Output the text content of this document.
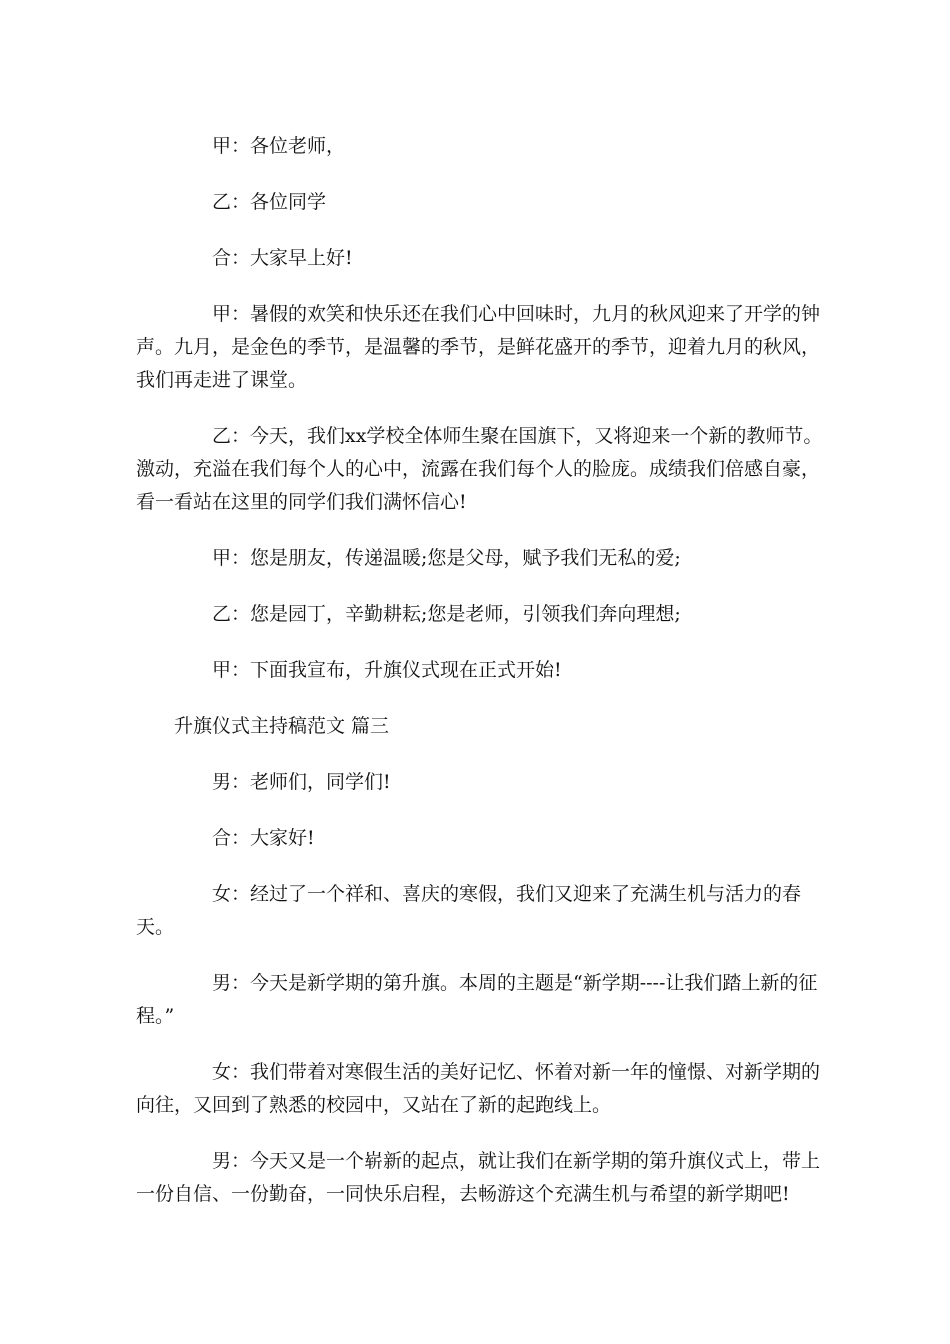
甲：各位老师，

乙：各位同学

合：大家早上好!

甲：暑假的欢笑和快乐还在我们心中回味时，九月的秋风迎来了开学的钟声。九月，是金色的季节，是温馨的季节，是鲜花盛开的季节，迎着九月的秋风，我们再走进了课堂。

乙：今天，我们xx学校全体师生聚在国旗下，又将迎来一个新的教师节。激动，充溢在我们每个人的心中，流露在我们每个人的脸庞。成绩我们倍感自豪，看一看站在这里的同学们我们满怀信心!

甲：您是朋友，传递温暖;您是父母，赋予我们无私的爱;

乙：您是园丁，辛勤耕耘;您是老师，引领我们奔向理想;

甲：下面我宣布，升旗仪式现在正式开始!

升旗仪式主持稿范文 篇三

男：老师们，同学们!

合：大家好!

女：经过了一个祥和、喜庆的寒假，我们又迎来了充满生机与活力的春天。

男：今天是新学期的第升旗。本周的主题是“新学期----让我们踏上新的征程。”

女：我们带着对寒假生活的美好记忆、怀着对新一年的憧憬、对新学期的向往，又回到了熟悉的校园中，又站在了新的起跑线上。

男：今天又是一个崭新的起点，就让我们在新学期的第升旗仪式上，带上一份自信、一份勤奋，一同快乐启程，去畅游这个充满生机与希望的新学期吧!
